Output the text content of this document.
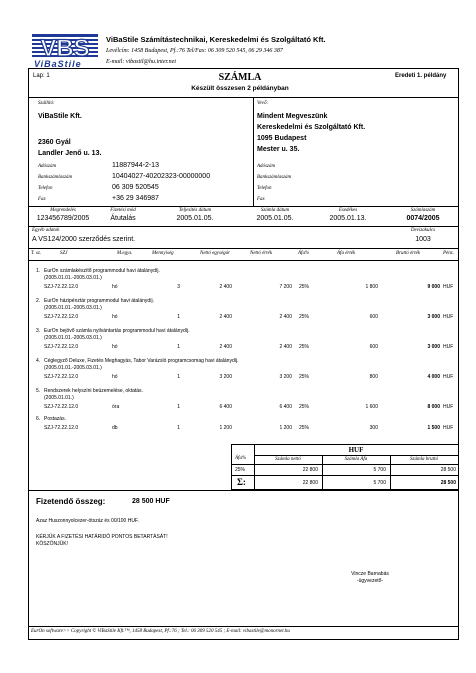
VBS
ViBaStile
ViBaStile Számítástechnikai, Kereskedelmi és Szolgáltató Kft.
Levélcím: 1458 Budapest, Pf.:76 Tel/Fax: 06 309 520 545, 06 29 346 387
E-mail: vibastil@hu.inter.net
Lap: 1	SZÁMLA
Készült összesen 2 példányban
Eredeti 1. példány
Szállító:
ViBaStile Kft.
2360 Gyál
Landler Jenő u. 13.
Adószám	11887944-2-13
Bankszámlaszám	10404027-40202323-00000000
Telefon	06 309 520545
Fax	+36 29 346987
Vevő:
Mindent Megveszünk
Kereskedelmi és Szolgáltató Kft.
1095 Budapest
Mester u. 35.
Adószám
Bankszámlaszám
Telefon
Fax
Megrendelés
123456789/2005
Fizetési mód
Átutalás
Teljesítés dátum
2005.01.05.
Számla dátum
2005.01.05.
Esedékes
2005.01.13.
Számlaszám
0074/2005
Egyéb adatok
A VS124/2000 szerződés szerint.
Devizakulcs
1003
T. sz.	SZJ	M.egys.	Mennyiség	Nettó egységár	Nettó érték	Áfa%	Áfa érték	Bruttó érték	Pénz.
1. EurOn számlakészítő programmodul havi átalánydíj.
(2005.01.01.-2005.03.01.)
SZJ-72.22.12.0	hó	3	2 400	7 200 25%	1 800	9 000 HUF
2. EurOn házipénztár programmodul havi átalánydíj.
(2005.01.01.-2005.03.01.)
SZJ-72.22.12.0	hó	1	2 400	2 400 25%	600	3 000 HUF
3. EurOn bejövő számla nyilvántartás programmodul havi átalánydíj.
(2005.01.01.-2005.03.01.)
SZJ-72.22.12.0	hó	1	2 400	2 400 25%	600	3 000 HUF
4. Céglegyző Deluxe, Fizetés Meghagyás, Tabor Varázsló programcsomag havi átalánydíj.
(2005.01.01.-2005.03.01.)
SZJ-72.22.12.0	hó	1	3 200	3 200 25%	800	4 000 HUF
5. Rendszerek helyszíni beüzemelése, oktatás.
(2005.01.01.)
SZJ-72.22.12.0	óra	1	6 400	6 400 25%	1 600	8 000 HUF
6. Postazás.
SZJ-72.22.12.0	db	1	1 200	1 200 25%	300	1 500 HUF
HUF
Áfa%	Számla nettó	Számla Áfa	Számla bruttó
25%	22 800	5 700	28 500
Σ:	22 800	5 700	28 500
Fizetendő összeg:	28 500 HUF
Azaz Huszonnyolcezer-ötszáz és 00/100 HUF.
KÉRJÜK A FIZETÉSI HATÁRIDŐ PONTOS BETARTÁSÁT!
KÖSZÖNJÜK!
Vincze Barnabás
-ügyvezető-
EurOn software>> Copyright © ViBaStile Kft.™, 1458 Budapest, Pf.:76 ; Tel.: 06 309 520 545 ; E-mail: vibastile@monornet.hu
